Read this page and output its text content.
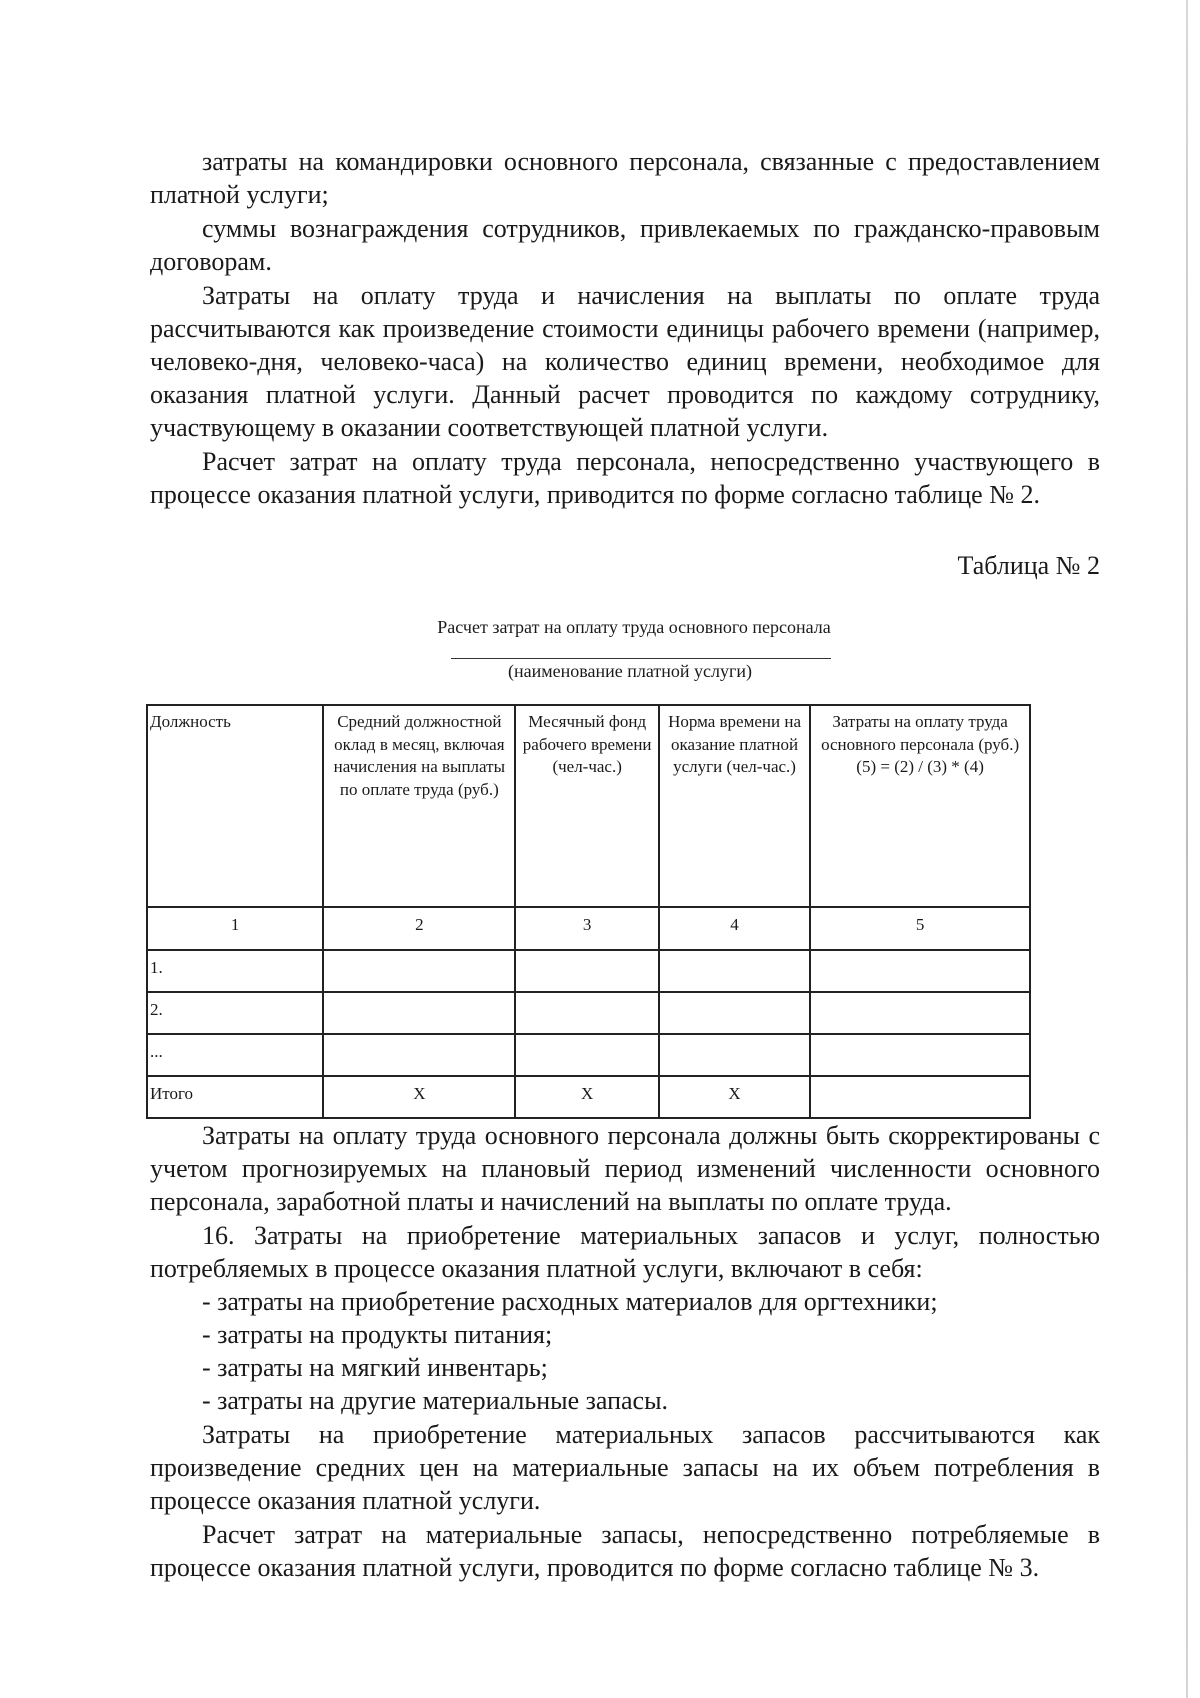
затраты на командировки основного персонала, связанные с предоставлением платной услуги;

суммы вознаграждения сотрудников, привлекаемых по гражданско-правовым договорам.

Затраты на оплату труда и начисления на выплаты по оплате труда рассчитываются как произведение стоимости единицы рабочего времени (например, человеко-дня, человеко-часа) на количество единиц времени, необходимое для оказания платной услуги. Данный расчет проводится по каждому сотруднику, участвующему в оказании соответствующей платной услуги.

Расчет затрат на оплату труда персонала, непосредственно участвующего в процессе оказания платной услуги, приводится по форме согласно таблице № 2.

Таблица № 2
Расчет затрат на оплату труда основного персонала
(наименование платной услуги)
Должность	Средний должностной оклад в месяц, включая начисления на выплаты по оплате труда (руб.)	Месячный фонд рабочего времени (чел-час.)	Норма времени на оказание платной услуги (чел-час.)	Затраты на оплату труда основного персонала (руб.) (5) = (2) / (3) * (4)
1	2	3	4	5
1.				
2.				
...				
Итого	X	X	X	

Затраты на оплату труда основного персонала должны быть скорректированы с учетом прогнозируемых на плановый период изменений численности основного персонала, заработной платы и начислений на выплаты по оплате труда.

16. Затраты на приобретение материальных запасов и услуг, полностью потребляемых в процессе оказания платной услуги, включают в себя:

- затраты на приобретение расходных материалов для оргтехники;

- затраты на продукты питания;

- затраты на мягкий инвентарь;

- затраты на другие материальные запасы.

Затраты на приобретение материальных запасов рассчитываются как произведение средних цен на материальные запасы на их объем потребления в процессе оказания платной услуги.

Расчет затрат на материальные запасы, непосредственно потребляемые в процессе оказания платной услуги, проводится по форме согласно таблице № 3.
